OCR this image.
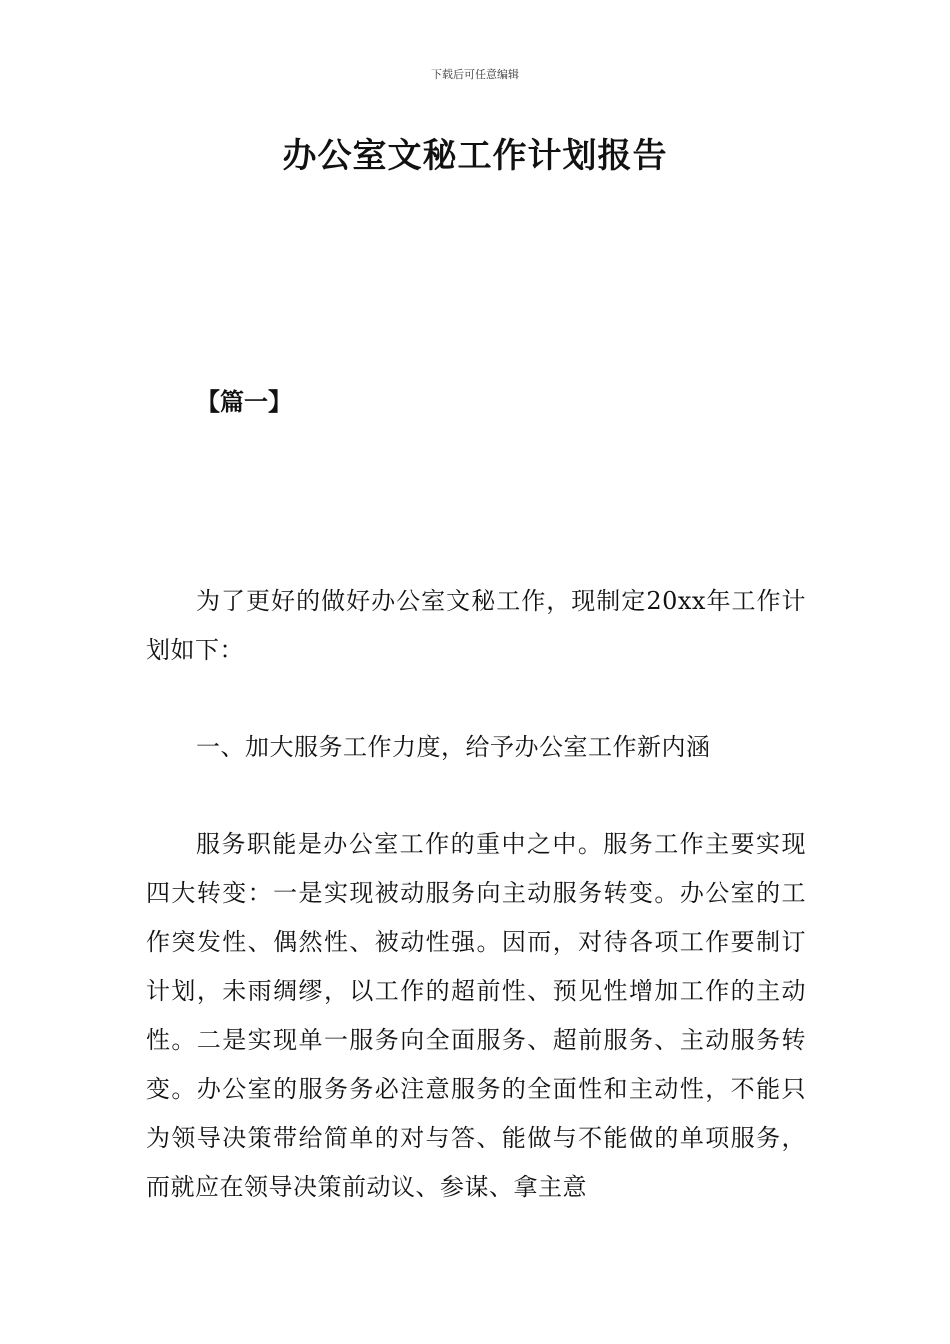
下载后可任意编辑
办公室文秘工作计划报告
【篇一】

为了更好的做好办公室文秘工作，现制定20xx年工作计划如下：

一、加大服务工作力度，给予办公室工作新内涵

服务职能是办公室工作的重中之中。服务工作主要实现四大转变：一是实现被动服务向主动服务转变。办公室的工作突发性、偶然性、被动性强。因而，对待各项工作要制订计划，未雨绸缪，以工作的超前性、预见性增加工作的主动性。二是实现单一服务向全面服务、超前服务、主动服务转变。办公室的服务务必注意服务的全面性和主动性，不能只为领导决策带给简单的对与答、能做与不能做的单项服务，而就应在领导决策前动议、参谋、拿主意
